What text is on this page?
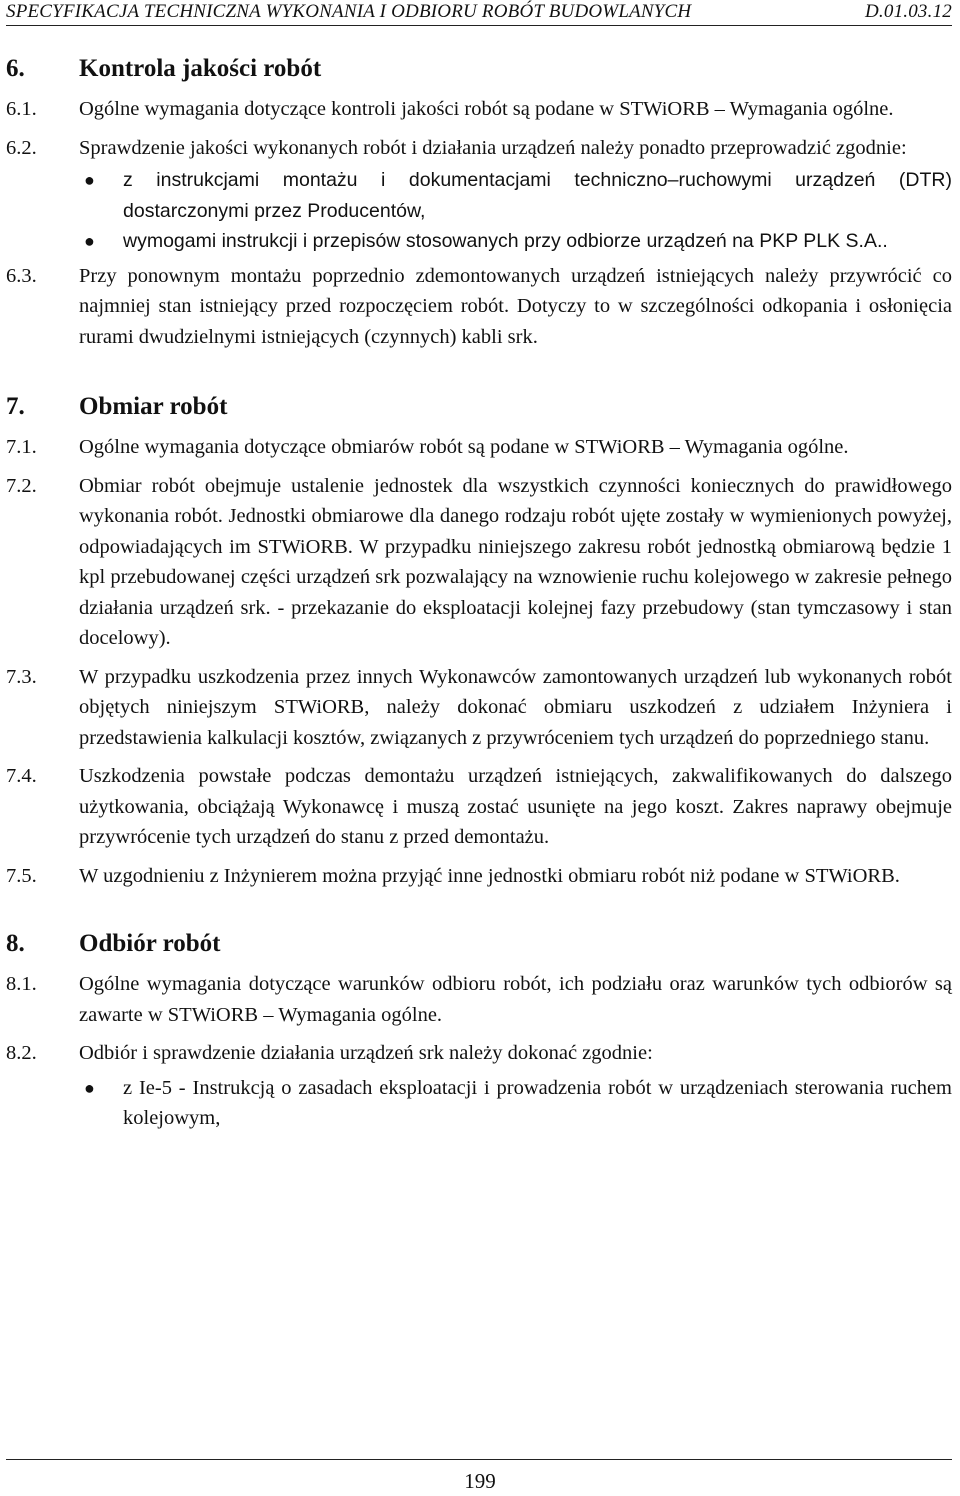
SPECYFIKACJA TECHNICZNA WYKONANIA I ODBIORU ROBÓT BUDOWLANYCH	D.01.03.12
6.	Kontrola jakości robót
6.1.	Ogólne wymagania dotyczące kontroli jakości robót są podane w STWiORB – Wymagania ogólne.
6.2.	Sprawdzenie jakości wykonanych robót i działania urządzeń należy ponadto przeprowadzić zgodnie:
●	z instrukcjami montażu i dokumentacjami techniczno–ruchowymi urządzeń (DTR) dostarczonymi przez Producentów,
●	wymogami instrukcji i przepisów stosowanych przy odbiorze urządzeń na PKP PLK S.A..
6.3.	Przy ponownym montażu poprzednio zdemontowanych urządzeń istniejących należy przywrócić co najmniej stan istniejący przed rozpoczęciem robót. Dotyczy to w szczególności odkopania i osłonięcia rurami dwudzielnymi istniejących (czynnych) kabli srk.
7.	Obmiar robót
7.1.	Ogólne wymagania dotyczące obmiarów robót są podane w STWiORB – Wymagania ogólne.
7.2.	Obmiar robót obejmuje ustalenie jednostek dla wszystkich czynności koniecznych do prawidłowego wykonania robót. Jednostki obmiarowe dla danego rodzaju robót ujęte zostały w wymienionych powyżej, odpowiadających im STWiORB. W przypadku niniejszego zakresu robót jednostką obmiarową będzie 1 kpl przebudowanej części urządzeń srk pozwalający na wznowienie ruchu kolejowego w zakresie pełnego działania urządzeń srk. - przekazanie do eksploatacji kolejnej fazy przebudowy (stan tymczasowy i stan docelowy).
7.3.	W przypadku uszkodzenia przez innych Wykonawców zamontowanych urządzeń lub wykonanych robót objętych niniejszym STWiORB, należy dokonać obmiaru uszkodzeń z udziałem Inżyniera i przedstawienia kalkulacji kosztów, związanych z przywróceniem tych urządzeń do poprzedniego stanu.
7.4.	Uszkodzenia powstałe podczas demontażu urządzeń istniejących, zakwalifikowanych do dalszego użytkowania, obciążają Wykonawcę i muszą zostać usunięte na jego koszt. Zakres naprawy obejmuje przywrócenie tych urządzeń do stanu z przed demontażu.
7.5.	W uzgodnieniu z Inżynierem można przyjąć inne jednostki obmiaru robót niż podane w STWiORB.
8.	Odbiór robót
8.1.	Ogólne wymagania dotyczące warunków odbioru robót, ich podziału oraz warunków tych odbiorów są zawarte w STWiORB – Wymagania ogólne.
8.2.	Odbiór i sprawdzenie działania urządzeń srk należy dokonać zgodnie:
●	z Ie-5 - Instrukcją o zasadach eksploatacji i prowadzenia robót w urządzeniach sterowania ruchem kolejowym,
199
